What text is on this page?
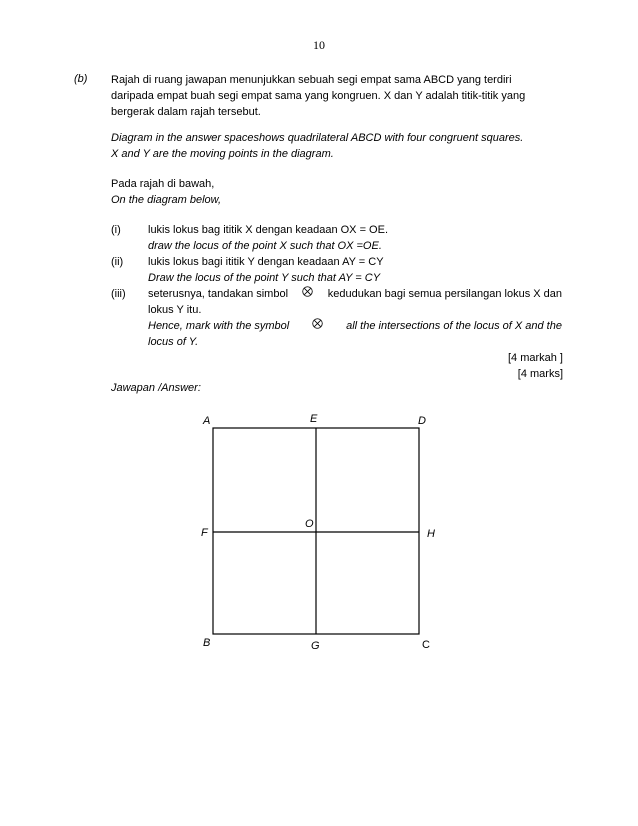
10
(b) Rajah di ruang jawapan menunjukkan sebuah segi empat sama ABCD yang terdiri
daripada empat buah segi empat sama yang kongruen. X dan Y adalah titik-titik yang
bergerak dalam rajah tersebut.
Diagram in the answer spaceshows quadrilateral ABCD with four congruent squares.
X and Y are the moving points in the diagram.
Pada rajah di bawah,
On the diagram below,
(i) lukis lokus bag ititik X dengan keadaan OX = OE.
draw the locus of the point X such that OX =OE.
(ii) lukis lokus bagi ititik Y dengan keadaan AY = CY
Draw the locus of the point Y such that AY = CY
(iii) seterusnya, tandakan simbol	kedudukan bagi semua persilangan lokus X dan
lokus Y itu.
Hence, mark with the symbol	all the intersections of the locus of X and the
locus of Y.
[4 markah ]
[4 marks]
Jawapan /Answer:
A	E	D
F
O
H
B	G	C
